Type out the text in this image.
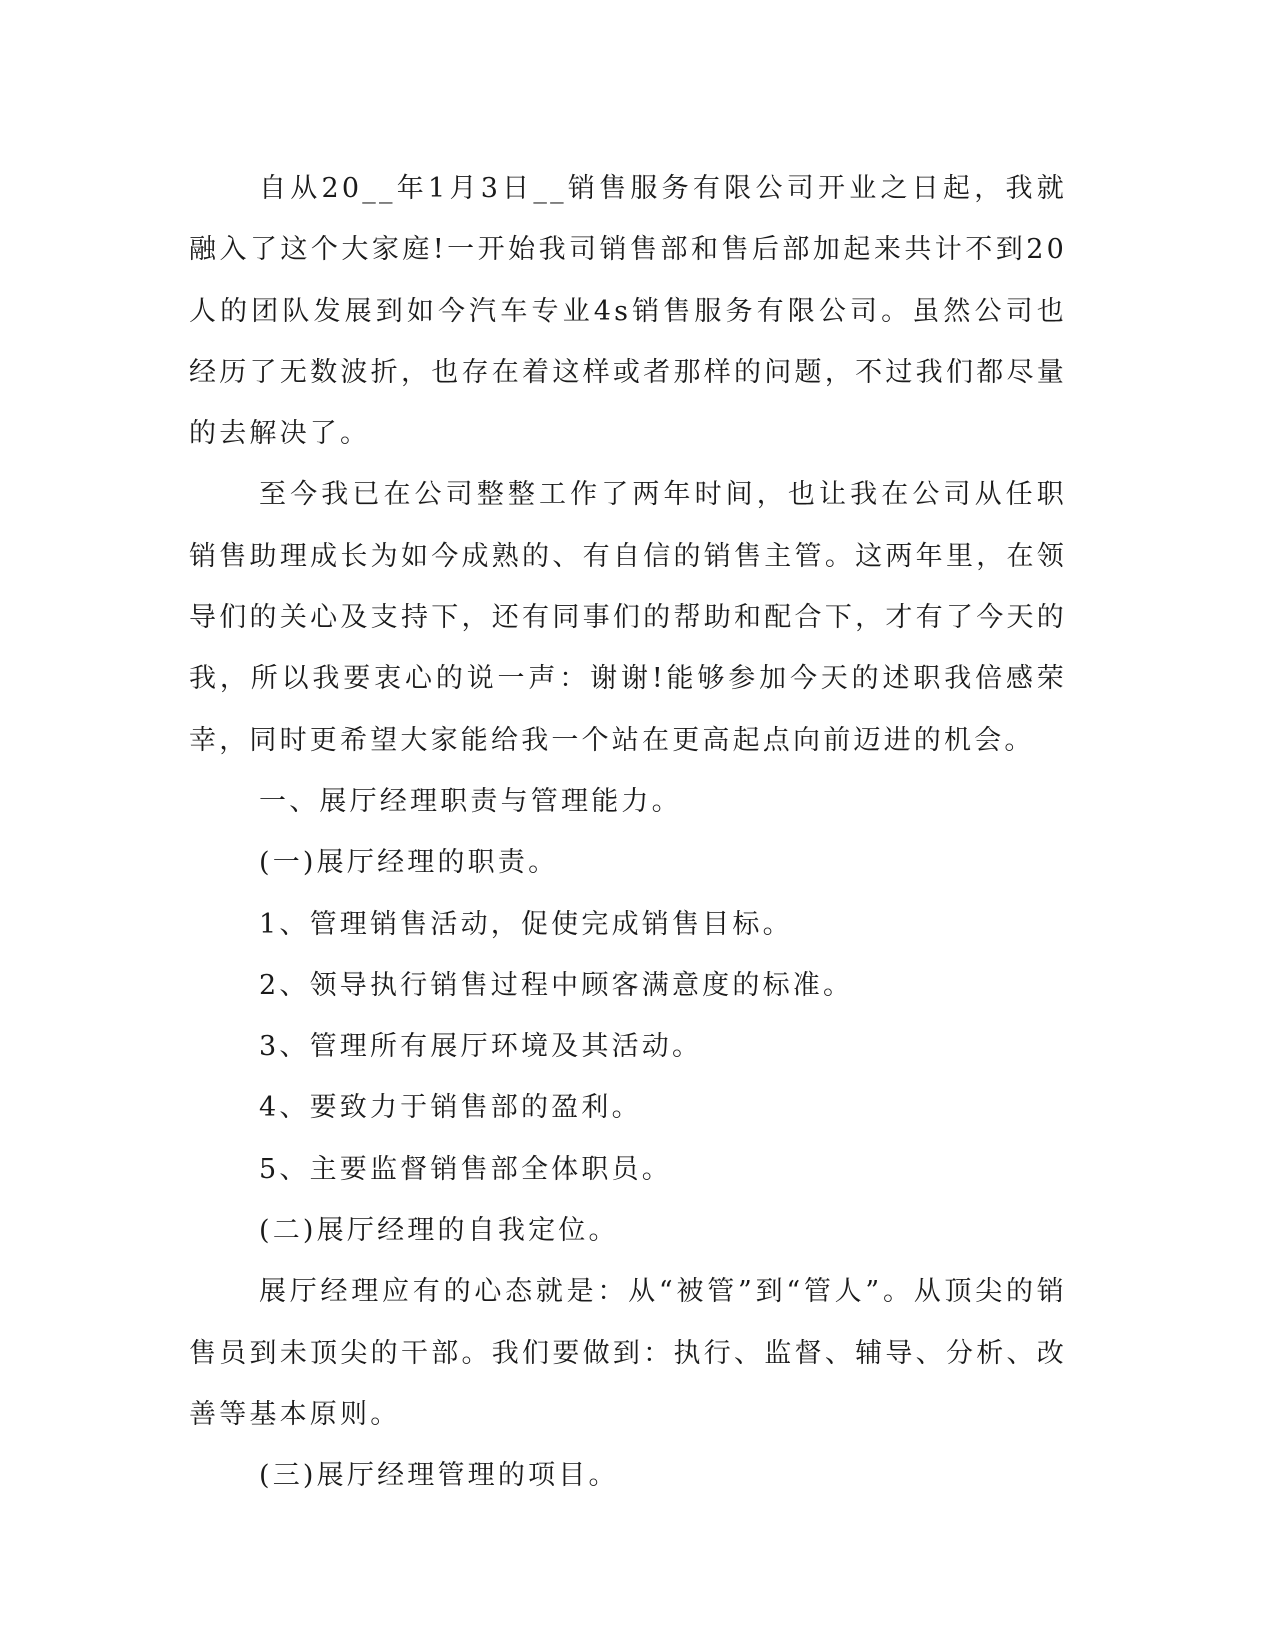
自从20__年1月3日__销售服务有限公司开业之日起，我就融入了这个大家庭!一开始我司销售部和售后部加起来共计不到20人的团队发展到如今汽车专业4s销售服务有限公司。虽然公司也经历了无数波折，也存在着这样或者那样的问题，不过我们都尽量的去解决了。

至今我已在公司整整工作了两年时间，也让我在公司从任职销售助理成长为如今成熟的、有自信的销售主管。这两年里，在领导们的关心及支持下，还有同事们的帮助和配合下，才有了今天的我，所以我要衷心的说一声：谢谢!能够参加今天的述职我倍感荣幸，同时更希望大家能给我一个站在更高起点向前迈进的机会。

一、展厅经理职责与管理能力。

(一)展厅经理的职责。

1、管理销售活动，促使完成销售目标。

2、领导执行销售过程中顾客满意度的标准。

3、管理所有展厅环境及其活动。

4、要致力于销售部的盈利。

5、主要监督销售部全体职员。

(二)展厅经理的自我定位。

展厅经理应有的心态就是：从“被管”到“管人”。从顶尖的销售员到未顶尖的干部。我们要做到：执行、监督、辅导、分析、改善等基本原则。

(三)展厅经理管理的项目。
